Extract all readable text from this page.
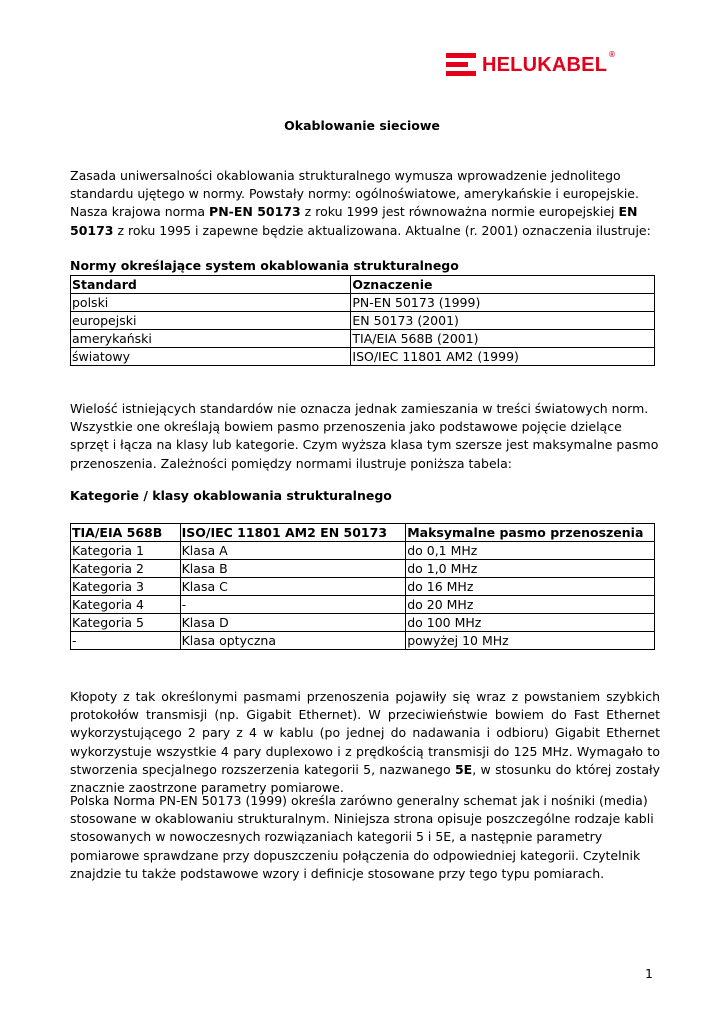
HELUKABEL ®
Okablowanie sieciowe

Zasada uniwersalności okablowania strukturalnego wymusza wprowadzenie jednolitego standardu ujętego w normy. Powstały normy: ogólnoświatowe, amerykańskie i europejskie. Nasza krajowa norma PN-EN 50173 z roku 1999 jest równoważna normie europejskiej EN 50173 z roku 1995 i zapewne będzie aktualizowana. Aktualne (r. 2001) oznaczenia ilustruje:

Normy określające system okablowania strukturalnego
Standard	Oznaczenie
polski	PN-EN 50173 (1999)
europejski	EN 50173 (2001)
amerykański	TIA/EIA 568B (2001)
światowy	ISO/IEC 11801 AM2 (1999)

Wielość istniejących standardów nie oznacza jednak zamieszania w treści światowych norm. Wszystkie one określają bowiem pasmo przenoszenia jako podstawowe pojęcie dzielące sprzęt i łącza na klasy lub kategorie. Czym wyższa klasa tym szersze jest maksymalne pasmo przenoszenia. Zależności pomiędzy normami ilustruje poniższa tabela:

Kategorie / klasy okablowania strukturalnego
TIA/EIA 568B	ISO/IEC 11801 AM2 EN 50173	Maksymalne pasmo przenoszenia
Kategoria 1	Klasa A	do 0,1 MHz
Kategoria 2	Klasa B	do 1,0 MHz
Kategoria 3	Klasa C	do 16 MHz
Kategoria 4	-	do 20 MHz
Kategoria 5	Klasa D	do 100 MHz
-	Klasa optyczna	powyżej 10 MHz

Kłopoty z tak określonymi pasmami przenoszenia pojawiły się wraz z powstaniem szybkich protokołów transmisji (np. Gigabit Ethernet). W przeciwieństwie bowiem do Fast Ethernet wykorzystującego 2 pary z 4 w kablu (po jednej do nadawania i odbioru) Gigabit Ethernet wykorzystuje wszystkie 4 pary duplexowo i z prędkością transmisji do 125 MHz. Wymagało to stworzenia specjalnego rozszerzenia kategorii 5, nazwanego 5E, w stosunku do której zostały znacznie zaostrzone parametry pomiarowe.

Polska Norma PN-EN 50173 (1999) określa zarówno generalny schemat jak i nośniki (media) stosowane w okablowaniu strukturalnym. Niniejsza strona opisuje poszczególne rodzaje kabli stosowanych w nowoczesnych rozwiązaniach kategorii 5 i 5E, a następnie parametry pomiarowe sprawdzane przy dopuszczeniu połączenia do odpowiedniej kategorii. Czytelnik znajdzie tu także podstawowe wzory i definicje stosowane przy tego typu pomiarach.

1
